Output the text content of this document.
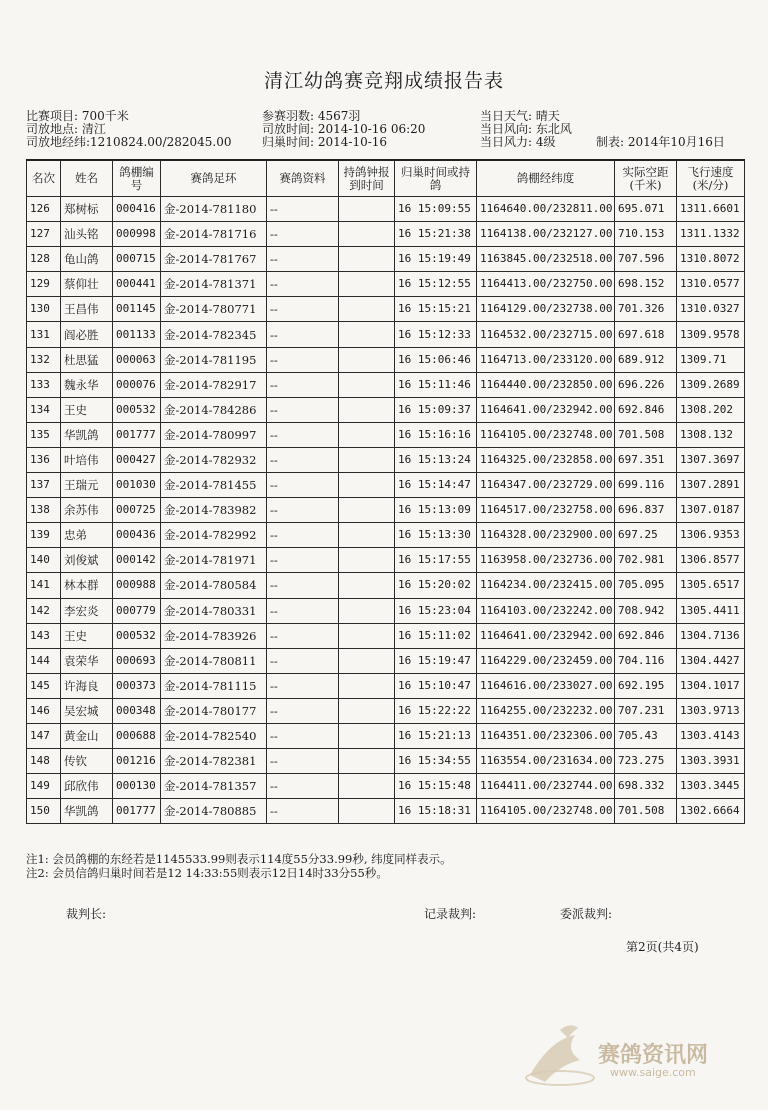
清江幼鸽赛竞翔成绩报告表
比赛项目: 700千米
司放地点: 清江
司放地经纬:1210824.00/282045.00
参赛羽数: 4567羽
司放时间: 2014-10-16 06:20
归巢时间: 2014-10-16
当日天气: 晴天
当日风向: 东北风
当日风力: 4级	制表: 2014年10月16日
名次	姓名	鸽棚编号	赛鸽足环	赛鸽资料	持鸽钟报到时间	归巢时间或持鸽	鸽棚经纬度	实际空距(千米)	飞行速度(米/分)
126	郑树标	000416	金-2014-781180	--		16 15:09:55	1164640.00/232811.00	695.071	1311.6601
127	汕头铭	000998	金-2014-781716	--		16 15:21:38	1164138.00/232127.00	710.153	1311.1332
128	龟山鸽	000715	金-2014-781767	--		16 15:19:49	1163845.00/232518.00	707.596	1310.8072
129	蔡仰壮	000441	金-2014-781371	--		16 15:12:55	1164413.00/232750.00	698.152	1310.0577
130	王昌伟	001145	金-2014-780771	--		16 15:15:21	1164129.00/232738.00	701.326	1310.0327
131	阎必胜	001133	金-2014-782345	--		16 15:12:33	1164532.00/232715.00	697.618	1309.9578
132	杜思猛	000063	金-2014-781195	--		16 15:06:46	1164713.00/233120.00	689.912	1309.71
133	魏永华	000076	金-2014-782917	--		16 15:11:46	1164440.00/232850.00	696.226	1309.2689
134	王史	000532	金-2014-784286	--		16 15:09:37	1164641.00/232942.00	692.846	1308.202
135	华凯鸽	001777	金-2014-780997	--		16 15:16:16	1164105.00/232748.00	701.508	1308.132
136	叶培伟	000427	金-2014-782932	--		16 15:13:24	1164325.00/232858.00	697.351	1307.3697
137	王瑞元	001030	金-2014-781455	--		16 15:14:47	1164347.00/232729.00	699.116	1307.2891
138	余苏伟	000725	金-2014-783982	--		16 15:13:09	1164517.00/232758.00	696.837	1307.0187
139	忠弟	000436	金-2014-782992	--		16 15:13:30	1164328.00/232900.00	697.25	1306.9353
140	刘俊斌	000142	金-2014-781971	--		16 15:17:55	1163958.00/232736.00	702.981	1306.8577
141	林本群	000988	金-2014-780584	--		16 15:20:02	1164234.00/232415.00	705.095	1305.6517
142	李宏炎	000779	金-2014-780331	--		16 15:23:04	1164103.00/232242.00	708.942	1305.4411
143	王史	000532	金-2014-783926	--		16 15:11:02	1164641.00/232942.00	692.846	1304.7136
144	袁荣华	000693	金-2014-780811	--		16 15:19:47	1164229.00/232459.00	704.116	1304.4427
145	许海良	000373	金-2014-781115	--		16 15:10:47	1164616.00/233027.00	692.195	1304.1017
146	吴宏城	000348	金-2014-780177	--		16 15:22:22	1164255.00/232232.00	707.231	1303.9713
147	黄金山	000688	金-2014-782540	--		16 15:21:13	1164351.00/232306.00	705.43	1303.4143
148	传钦	001216	金-2014-782381	--		16 15:34:55	1163554.00/231634.00	723.275	1303.3931
149	邱欣伟	000130	金-2014-781357	--		16 15:15:48	1164411.00/232744.00	698.332	1303.3445
150	华凯鸽	001777	金-2014-780885	--		16 15:18:31	1164105.00/232748.00	701.508	1302.6664
注1: 会员鸽棚的东经若是1145533.99则表示114度55分33.99秒, 纬度同样表示。
注2: 会员信鸽归巢时间若是12 14:33:55则表示12日14时33分55秒。
裁判长:	记录裁判:	委派裁判:
第2页(共4页)
赛鸽资讯网
www.saige.com
